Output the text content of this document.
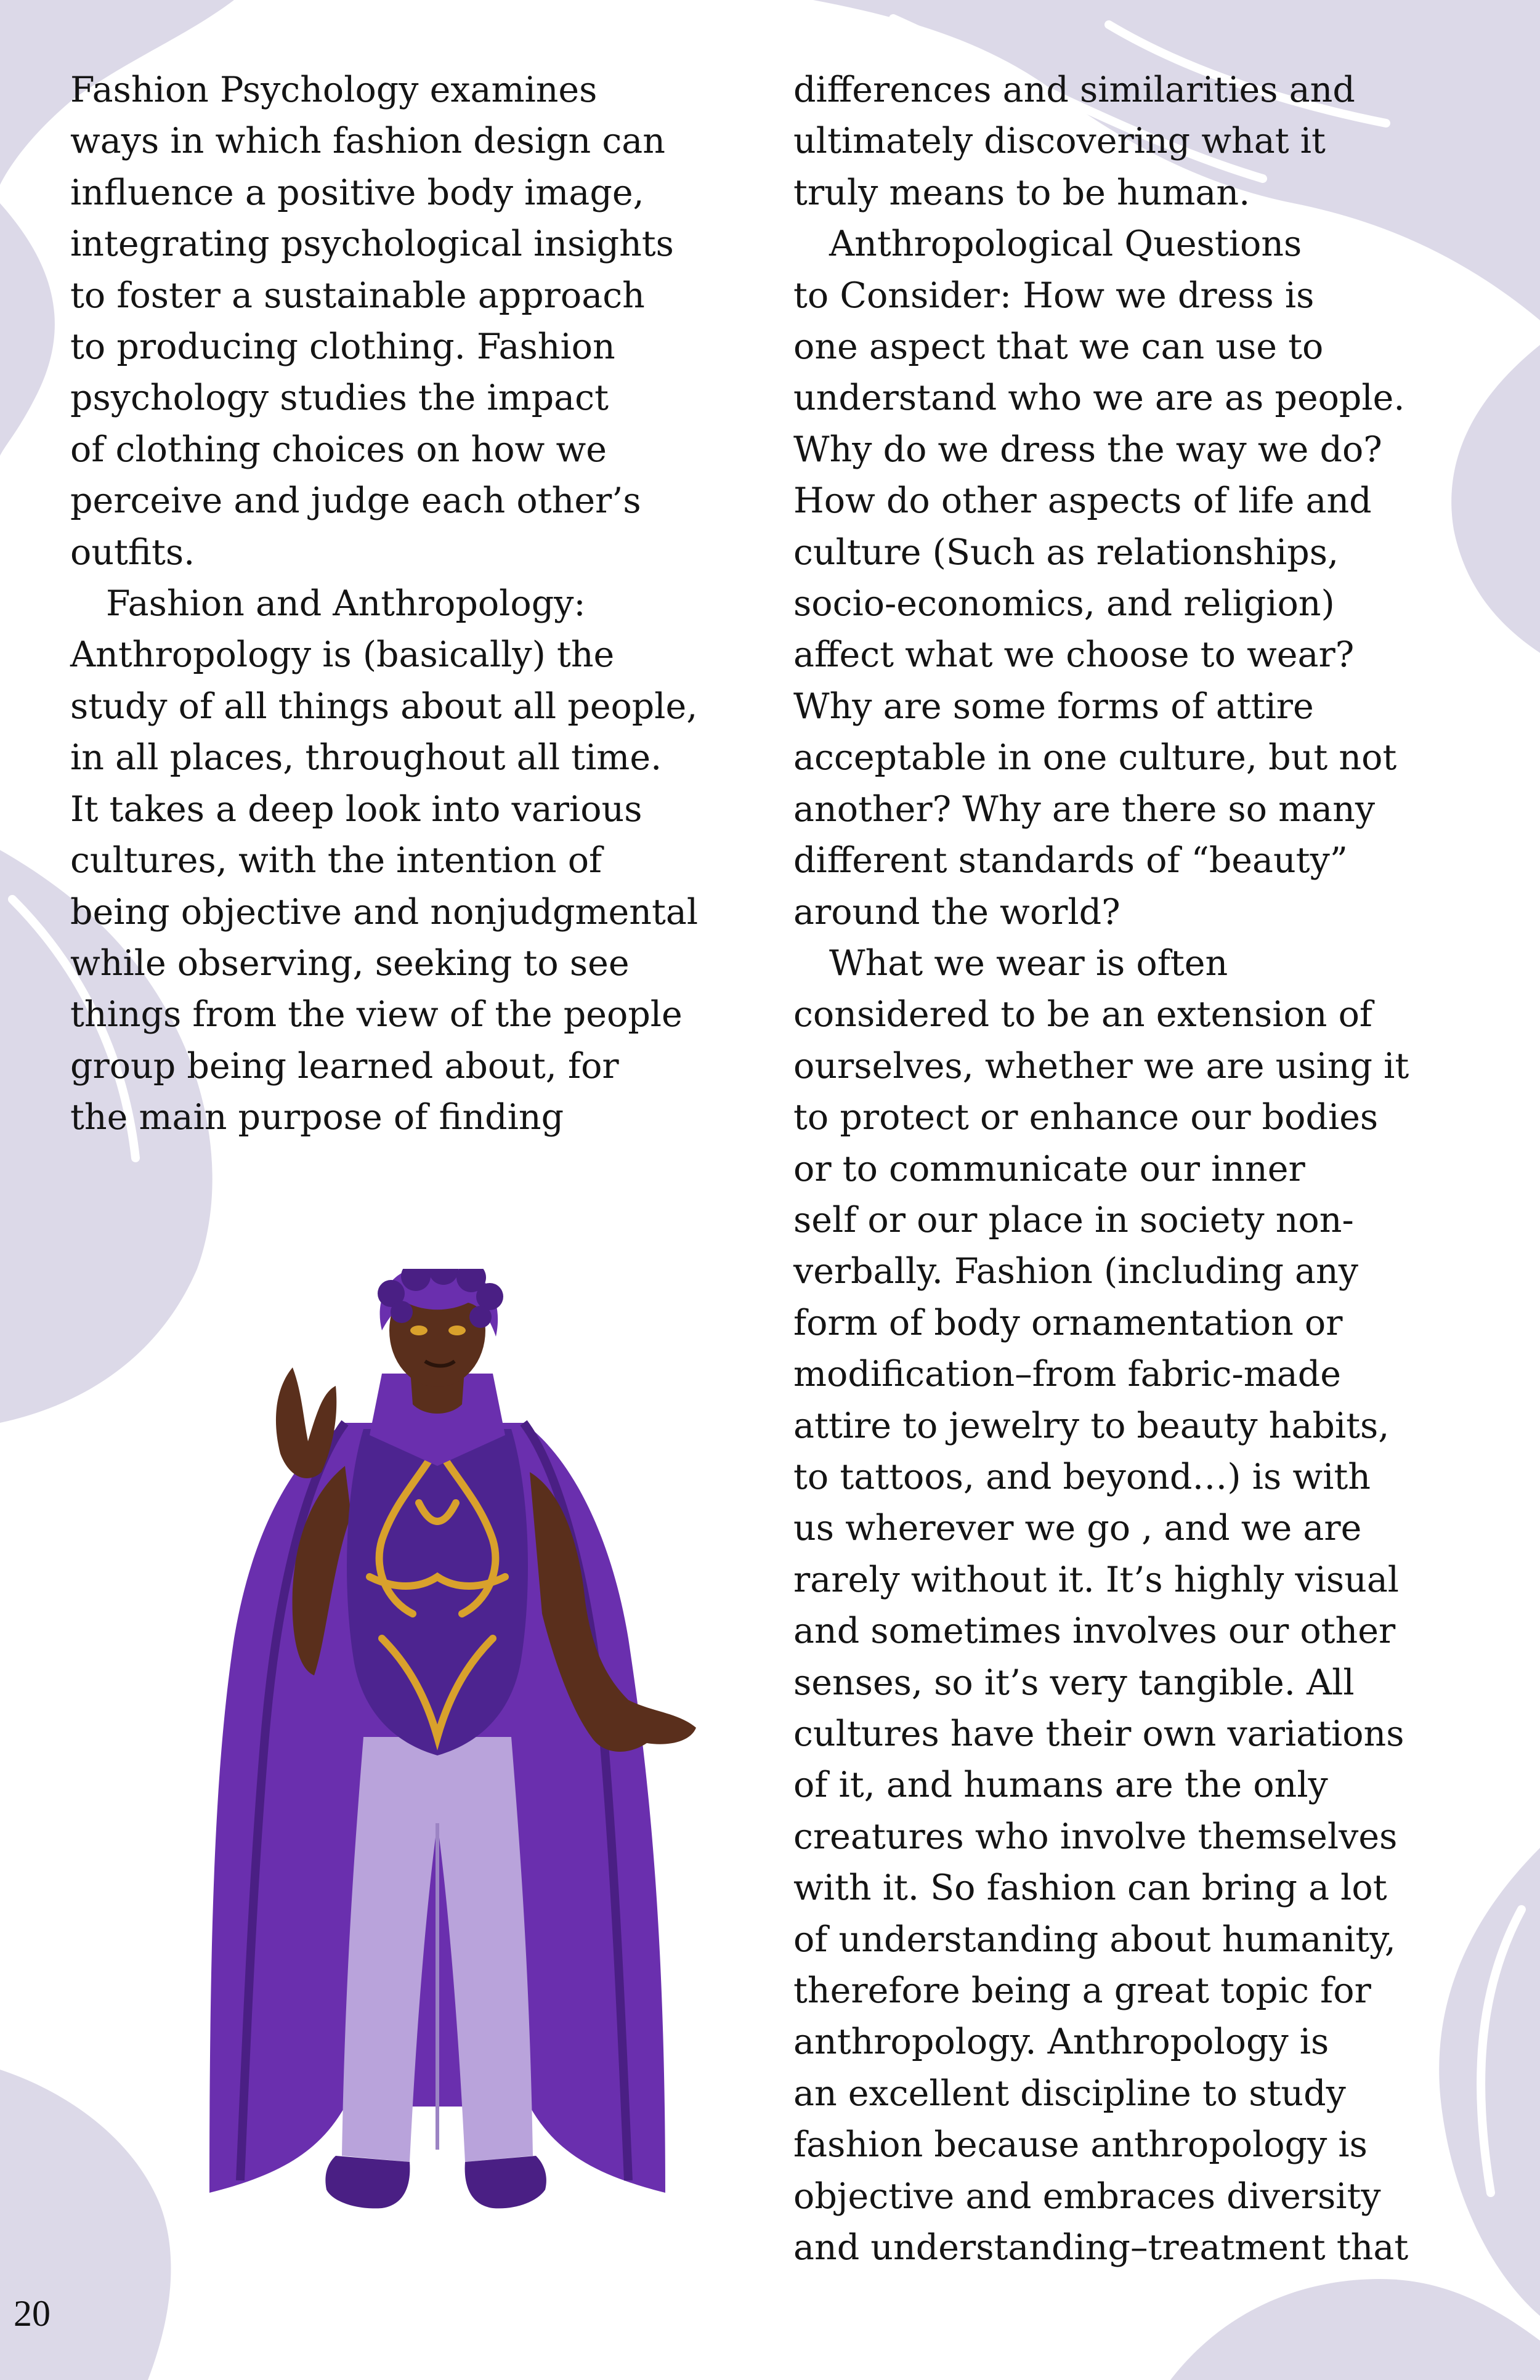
Fashion Psychology examines
ways in which fashion design can
influence a positive body image,
integrating psychological insights
to foster a sustainable approach
to producing clothing. Fashion
psychology studies the impact
of clothing choices on how we
perceive and judge each other’s
outfits.
Fashion and Anthropology:
Anthropology is (basically) the
study of all things about all people,
in all places, throughout all time.
It takes a deep look into various
cultures, with the intention of
being objective and nonjudgmental
while observing, seeking to see
things from the view of the people
group being learned about, for
the main purpose of finding
differences and similarities and
ultimately discovering what it
truly means to be human.
Anthropological Questions
to Consider: How we dress is
one aspect that we can use to
understand who we are as people.
Why do we dress the way we do?
How do other aspects of life and
culture (Such as relationships,
socio-economics, and religion)
affect what we choose to wear?
Why are some forms of attire
acceptable in one culture, but not
another? Why are there so many
different standards of “beauty”
around the world?
What we wear is often
considered to be an extension of
ourselves, whether we are using it
to protect or enhance our bodies
or to communicate our inner
self or our place in society non-
verbally. Fashion (including any
form of body ornamentation or
modification–from fabric-made
attire to jewelry to beauty habits,
to tattoos, and beyond…) is with
us wherever we go , and we are
rarely without it. It’s highly visual
and sometimes involves our other
senses, so it’s very tangible. All
cultures have their own variations
of it, and humans are the only
creatures who involve themselves
with it. So fashion can bring a lot
of understanding about humanity,
therefore being a great topic for
anthropology. Anthropology is
an excellent discipline to study
fashion because anthropology is
objective and embraces diversity
and understanding–treatment that
20
